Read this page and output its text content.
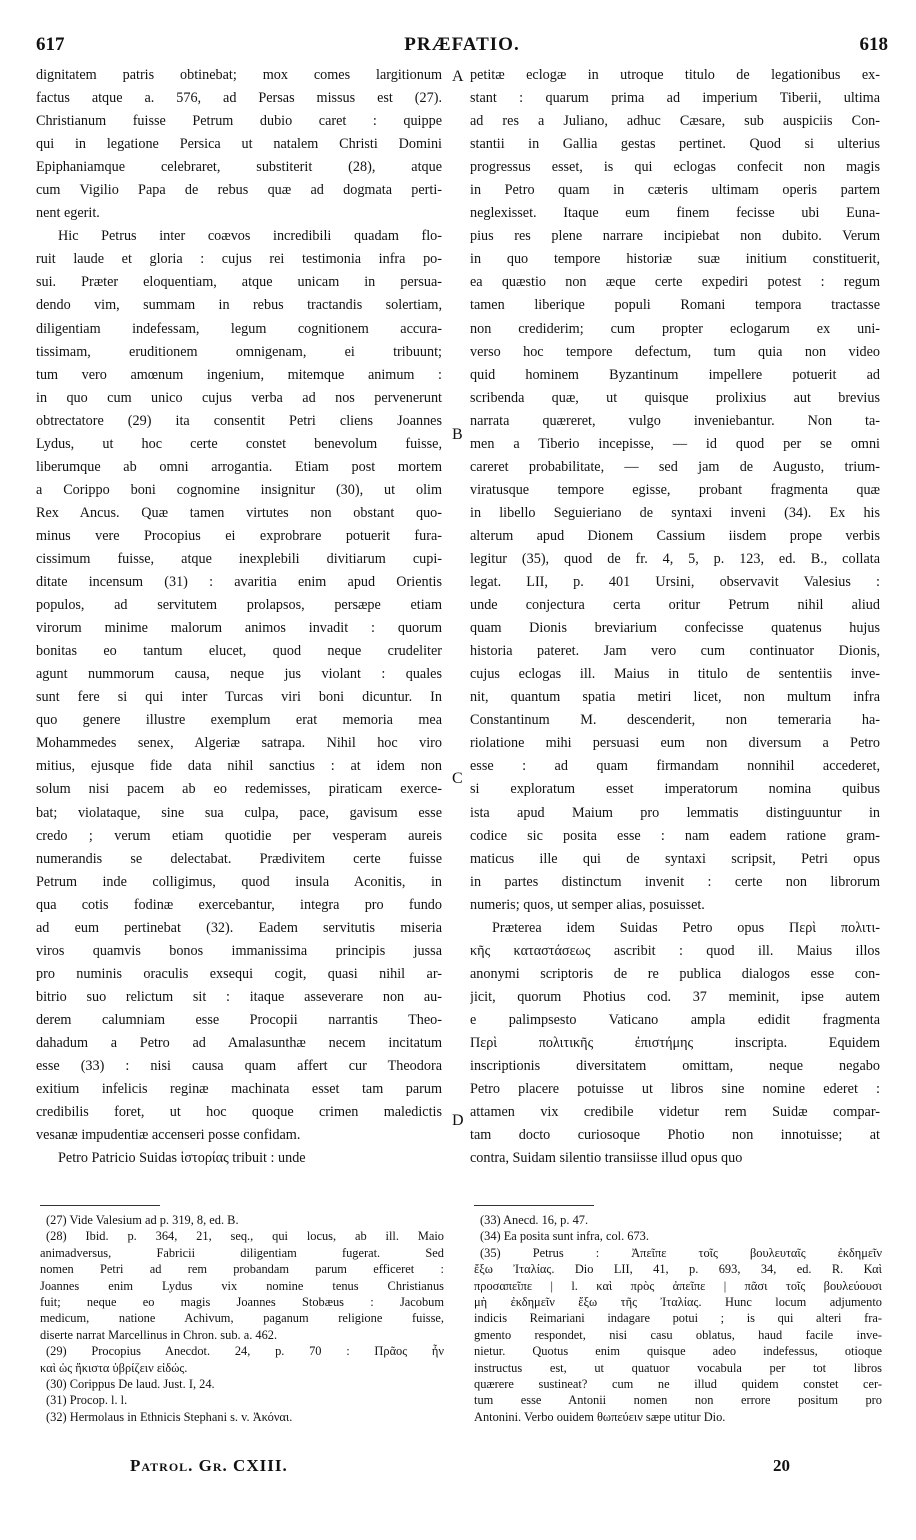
617	PRÆFATIO.	618
dignitatem patris obtinebat; mox comes largitionum
factus atque a. 576, ad Persas missus est (27).
Christianum fuisse Petrum dubio caret : quippe
qui in legatione Persica ut natalem Christi Domini
Epiphaniamque celebraret, substiterit (28), atque
cum Vigilio Papa de rebus quæ ad dogmata perti-
nent egerit.
Hic Petrus inter coævos incredibili quadam flo-
ruit laude et gloria : cujus rei testimonia infra po-
sui. Præter eloquentiam, atque unicam in persua-
dendo vim, summam in rebus tractandis solertiam,
diligentiam indefessam, legum cognitionem accura-
tissimam, eruditionem omnigenam, ei tribuunt;
tum vero amœnum ingenium, mitemque animum :
in quo cum unico cujus verba ad nos pervenerunt
obtrectatore (29) ita consentit Petri cliens Joannes
Lydus, ut hoc certe constet benevolum fuisse,
liberumque ab omni arrogantia. Etiam post mortem
a Corippo boni cognomine insignitur (30), ut olim
Rex Ancus. Quæ tamen virtutes non obstant quo-
minus vere Procopius ei exprobrare potuerit fura-
cissimum fuisse, atque inexplebili divitiarum cupi-
ditate incensum (31) : avaritia enim apud Orientis
populos, ad servitutem prolapsos, persæpe etiam
virorum minime malorum animos invadit : quorum
bonitas eo tantum elucet, quod neque crudeliter
agunt nummorum causa, neque jus violant : quales
sunt fere si qui inter Turcas viri boni dicuntur. In
quo genere illustre exemplum erat memoria mea
Mohammedes senex, Algeriæ satrapa. Nihil hoc viro
mitius, ejusque fide data nihil sanctius : at idem non
solum nisi pacem ab eo redemisses, piraticam exerce-
bat; violataque, sine sua culpa, pace, gavisum esse
credo ; verum etiam quotidie per vesperam aureis
numerandis se delectabat. Prædivitem certe fuisse
Petrum inde colligimus, quod insula Aconitis, in
qua cotis fodinæ exercebantur, integra pro fundo
ad eum pertinebat (32). Eadem servitutis miseria
viros quamvis bonos immanissima principis jussa
pro numinis oraculis exsequi cogit, quasi nihil ar-
bitrio suo relictum sit : itaque asseverare non au-
derem calumniam esse Procopii narrantis Theo-
dahadum a Petro ad Amalasunthæ necem incitatum
esse (33) : nisi causa quam affert cur Theodora
exitium infelicis reginæ machinata esset tam parum
credibilis foret, ut hoc quoque crimen maledictis
vesanæ impudentiæ accenseri posse confidam.
Petro Patricio Suidas ἱστορίας tribuit : unde
petitæ eclogæ in utroque titulo de legationibus ex-
stant : quarum prima ad imperium Tiberii, ultima
ad res a Juliano, adhuc Cæsare, sub auspiciis Con-
stantii in Gallia gestas pertinet. Quod si ulterius
progressus esset, is qui eclogas confecit non magis
in Petro quam in cæteris ultimam operis partem
neglexisset. Itaque eum finem fecisse ubi Euna-
pius res plene narrare incipiebat non dubito. Verum
in quo tempore historiæ suæ initium constituerit,
ea quæstio non æque certe expediri potest : regum
tamen liberique populi Romani tempora tractasse
non crediderim; cum propter eclogarum ex uni-
verso hoc tempore defectum, tum quia non video
quid hominem Byzantinum impellere potuerit ad
scribenda quæ, ut quisque prolixius aut brevius
narrata quæreret, vulgo inveniebantur. Non ta-
men a Tiberio incepisse, — id quod per se omni
careret probabilitate, — sed jam de Augusto, trium-
viratusque tempore egisse, probant fragmenta quæ
in libello Seguieriano de syntaxi inveni (34). Ex his
alterum apud Dionem Cassium iisdem prope verbis
legitur (35), quod de fr. 4, 5, p. 123, ed. B., collata
legat. LII, p. 401 Ursini, observavit Valesius :
unde conjectura certa oritur Petrum nihil aliud
quam Dionis breviarium confecisse quatenus hujus
historia pateret. Jam vero cum continuator Dionis,
cujus eclogas ill. Maius in titulo de sententiis inve-
nit, quantum spatia metiri licet, non multum infra
Constantinum M. descenderit, non temeraria ha-
riolatione mihi persuasi eum non diversum a Petro
esse : ad quam firmandam nonnihil accederet,
si exploratum esset imperatorum nomina quibus
ista apud Maium pro lemmatis distinguuntur in
codice sic posita esse : nam eadem ratione gram-
maticus ille qui de syntaxi scripsit, Petri opus
in partes distinctum invenit : certe non librorum
numeris; quos, ut semper alias, posuisset.
Præterea idem Suidas Petro opus Περὶ πολιτι-
κῆς καταστάσεως ascribit : quod ill. Maius illos
anonymi scriptoris de re publica dialogos esse con-
jicit, quorum Photius cod. 37 meminit, ipse autem
e palimpsesto Vaticano ampla edidit fragmenta
Περὶ πολιτικῆς ἐπιστήμης inscripta. Equidem
inscriptionis diversitatem omittam, neque negabo
Petro placere potuisse ut libros sine nomine ederet :
attamen vix credibile videtur rem Suidæ compar-
tam docto curiosoque Photio non innotuisse; at
contra, Suidam silentio transiisse illud opus quo
A
B
C
D
(27) Vide Valesium ad p. 319, 8, ed. B.
(28) Ibid. p. 364, 21, seq., qui locus, ab ill. Maio
animadversus, Fabricii diligentiam fugerat. Sed
nomen Petri ad rem probandam parum efficeret :
Joannes enim Lydus vix nomine tenus Christianus
fuit; neque eo magis Joannes Stobæus : Jacobum
medicum, natione Achivum, paganum religione fuisse,
diserte narrat Marcellinus in Chron. sub. a. 462.
(29) Procopius Anecdot. 24, p. 70 : Πρᾶος ἦν
καὶ ὡς ἥκιστα ὑβρίζειν εἰδώς.
(30) Corippus De laud. Just. I, 24.
(31) Procop. l. l.
(32) Hermolaus in Ethnicis Stephani s. v. Ἀκόναι.
(33) Anecd. 16, p. 47.
(34) Ea posita sunt infra, col. 673.
(35) Petrus : Ἀπεῖπε τοῖς βουλευταῖς ἐκδημεῖν
ἔξω Ἰταλίας. Dio LII, 41, p. 693, 34, ed. R. Καὶ
προσαπεῖπε | l. καὶ πρὸς ἀπεῖπε | πᾶσι τοῖς βουλεύουσι
μὴ ἐκδημεῖν ἔξω τῆς Ἰταλίας. Hunc locum adjumento
indicis Reimariani indagare potui ; is qui alteri fra-
gmento respondet, nisi casu oblatus, haud facile inve-
nietur. Quotus enim quisque adeo indefessus, otioque
instructus est, ut quatuor vocabula per tot libros
quærere sustineat? cum ne illud quidem constet cer-
tum esse Antonii nomen non errore positum pro
Antonini. Verbo ouidem θωπεύειν sæpe utitur Dio.
Patrol. Gr. CXIII.	20
